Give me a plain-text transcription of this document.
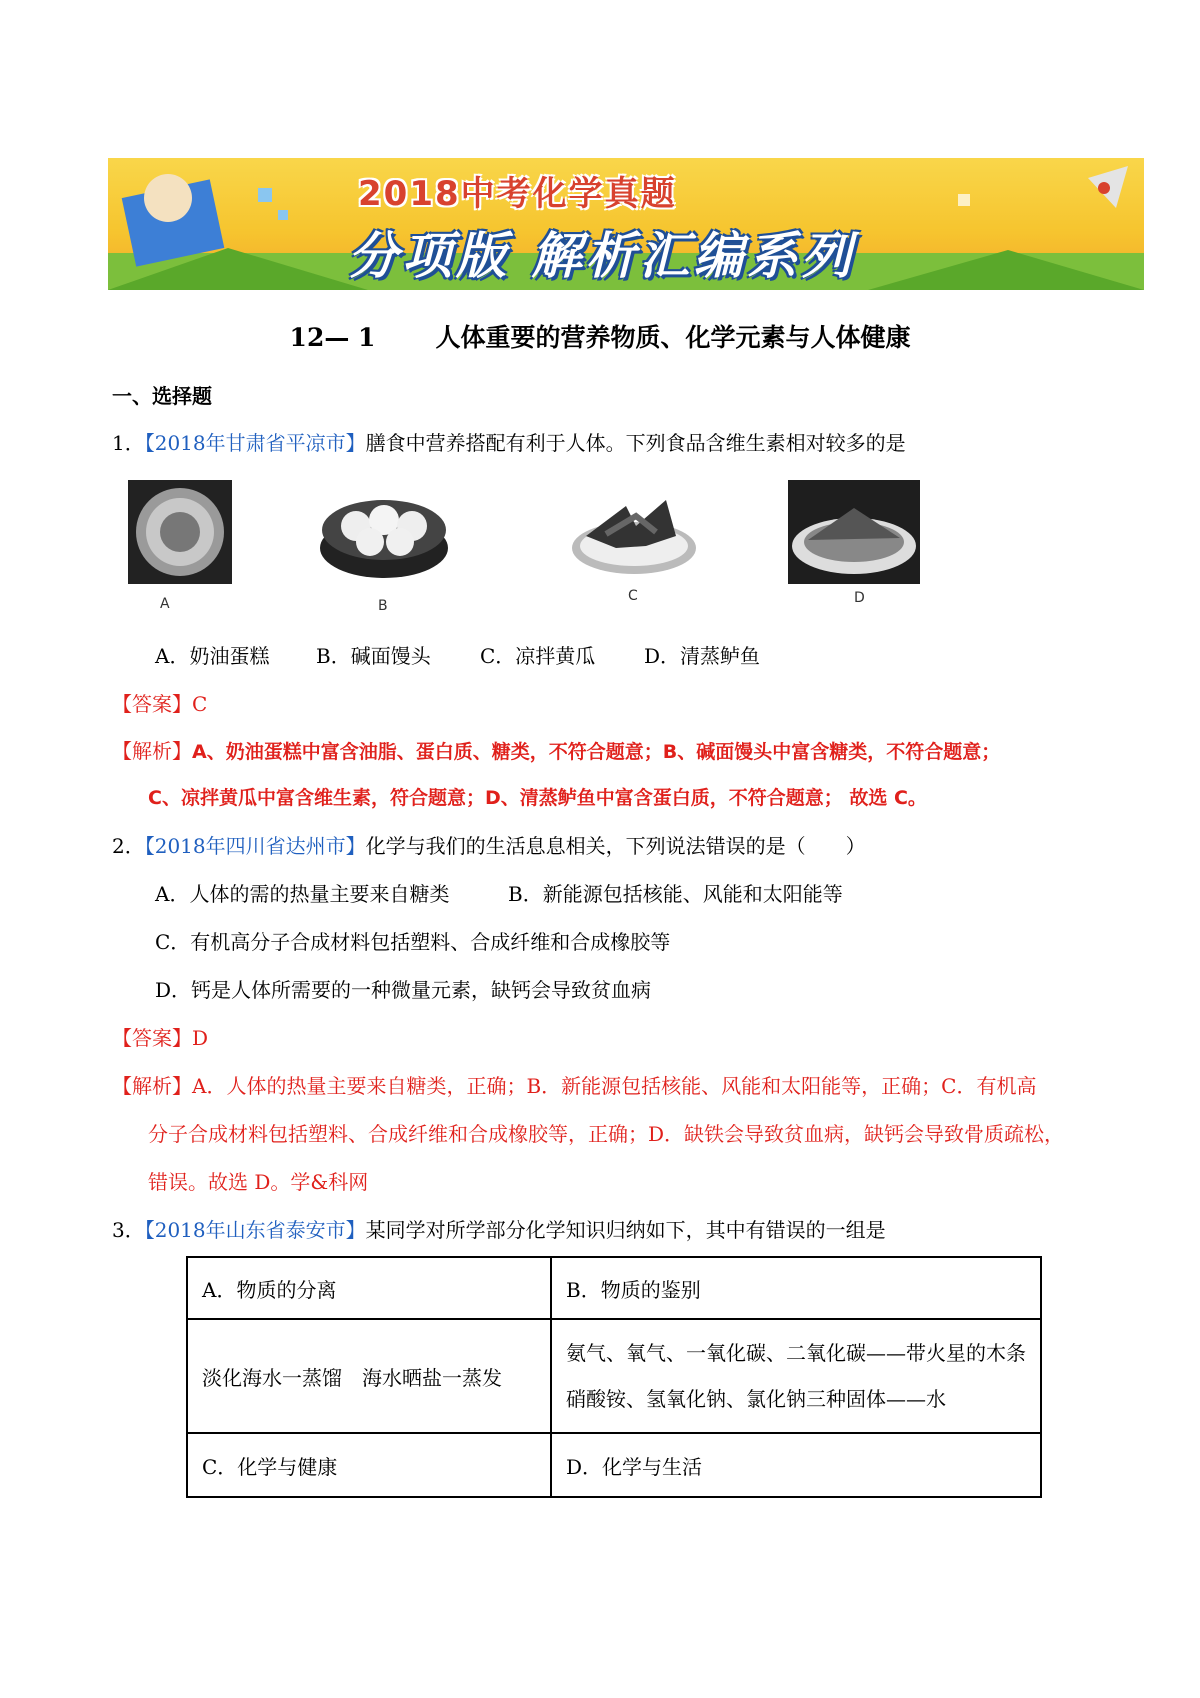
2018中考化学真题
分项版 解析汇编系列
12— 1 人体重要的营养物质、化学元素与人体健康
一、选择题
1．【2018年甘肃省平凉市】膳食中营养搭配有利于人体。下列食品含维生素相对较多的是
A	B
C	D
A．奶油蛋糕 B．碱面馒头 C．凉拌黄瓜 D．清蒸鲈鱼
【答案】C
【解析】A、奶油蛋糕中富含油脂、蛋白质、糖类，不符合题意；B、碱面馒头中富含糖类，不符合题意；
C、凉拌黄瓜中富含维生素，符合题意；D、清蒸鲈鱼中富含蛋白质，不符合题意； 故选 C。
2．【2018年四川省达州市】化学与我们的生活息息相关，下列说法错误的是（　　）
A．人体的需的热量主要来自糖类	B．新能源包括核能、风能和太阳能等
C．有机高分子合成材料包括塑料、合成纤维和合成橡胶等
D．钙是人体所需要的一种微量元素，缺钙会导致贫血病
【答案】D
【解析】A．人体的热量主要来自糖类，正确；B．新能源包括核能、风能和太阳能等，正确；C．有机高
分子合成材料包括塑料、合成纤维和合成橡胶等，正确；D．缺铁会导致贫血病，缺钙会导致骨质疏松，
错误。故选 D。学&科网
3．【2018年山东省泰安市】某同学对所学部分化学知识归纳如下，其中有错误的一组是
A．物质的分离	B．物质的鉴别
淡化海水一蒸馏　海水晒盐一蒸发	氨气、氧气、一氧化碳、二氧化碳——带火星的木条
硝酸铵、氢氧化钠、氯化钠三种固体——水

C．化学与健康	D．化学与生活
